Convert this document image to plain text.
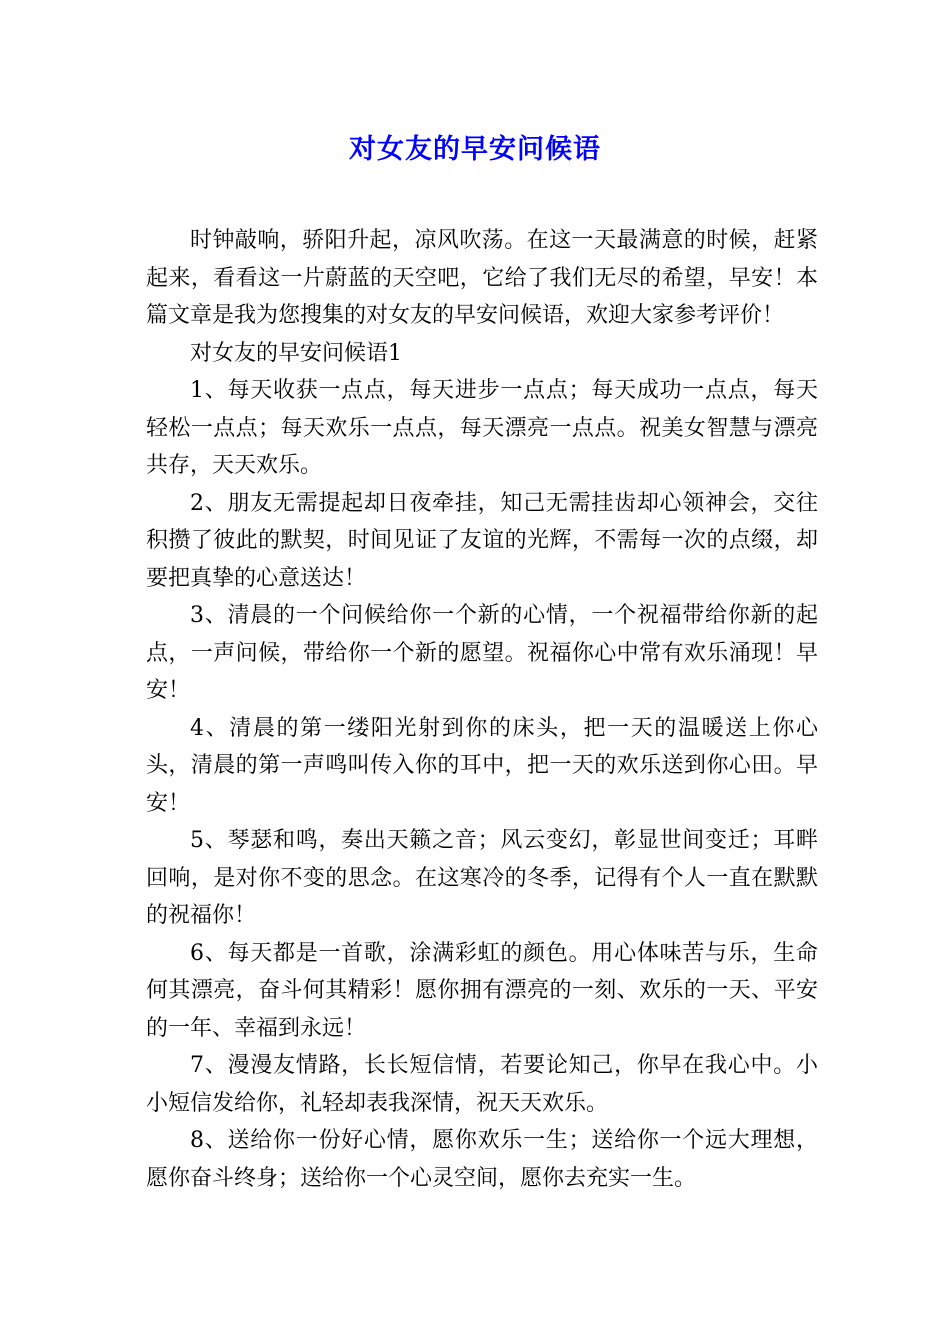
对女友的早安问候语

时钟敲响，骄阳升起，凉风吹荡。在这一天最满意的时候，赶紧起来，看看这一片蔚蓝的天空吧，它给了我们无尽的希望，早安！本篇文章是我为您搜集的对女友的早安问候语，欢迎大家参考评价！

对女友的早安问候语1

1、每天收获一点点，每天进步一点点；每天成功一点点，每天轻松一点点；每天欢乐一点点，每天漂亮一点点。祝美女智慧与漂亮共存，天天欢乐。

2、朋友无需提起却日夜牵挂，知己无需挂齿却心领神会，交往积攒了彼此的默契，时间见证了友谊的光辉，不需每一次的点缀，却要把真挚的心意送达！

3、清晨的一个问候给你一个新的心情，一个祝福带给你新的起点，一声问候，带给你一个新的愿望。祝福你心中常有欢乐涌现！早安！

4、清晨的第一缕阳光射到你的床头，把一天的温暖送上你心头，清晨的第一声鸣叫传入你的耳中，把一天的欢乐送到你心田。早安！

5、琴瑟和鸣，奏出天籁之音；风云变幻，彰显世间变迁；耳畔回响，是对你不变的思念。在这寒冷的冬季，记得有个人一直在默默的祝福你！

6、每天都是一首歌，涂满彩虹的颜色。用心体味苦与乐，生命何其漂亮，奋斗何其精彩！愿你拥有漂亮的一刻、欢乐的一天、平安的一年、幸福到永远！

7、漫漫友情路，长长短信情，若要论知己，你早在我心中。小小短信发给你，礼轻却表我深情，祝天天欢乐。

8、送给你一份好心情，愿你欢乐一生；送给你一个远大理想，愿你奋斗终身；送给你一个心灵空间，愿你去充实一生。
